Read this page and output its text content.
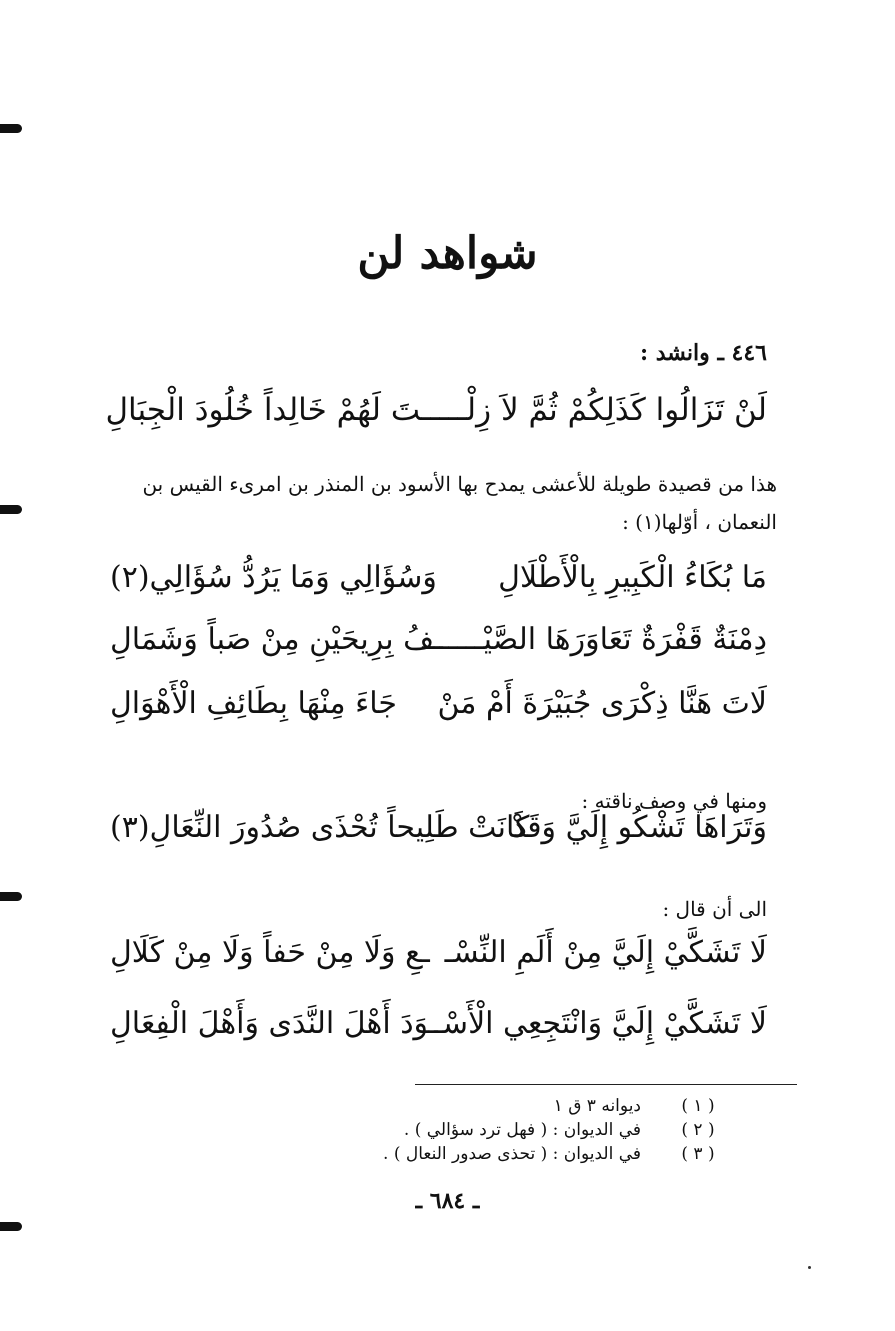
شواهد لن
٤٤٦ ـ وانشد :
لَنْ تَزَالُوا كَذَلِكُمْ ثُمَّ لاَ زِلْـــــتَ لَهُمْ خَالِداً خُلُودَ الْجِبَالِ
هذا من قصيدة طويلة للأعشى يمدح بها الأسود بن المنذر بن امرىء القيس بن النعمان ، أوّلها(١) :
مَا بُكَاءُ الْكَبِيرِ بِالْأَطْلَالِ
وَسُؤَالِي وَمَا يَرُدُّ سُؤَالِي(٢)
دِمْنَةٌ قَفْرَةٌ تَعَاوَرَهَا الصَّيْـــــــ
ـفُ بِرِيحَيْنِ مِنْ صَباً وَشَمَالِ
لَاتَ هَنَّا ذِكْرَى جُبَيْرَةَ أَمْ مَنْ
جَاءَ مِنْهَا بِطَائِفِ الْأَهْوَالِ
ومنها في وصف ناقته :
وَتَرَاهَا تَشْكُو إِلَيَّ وَقَدْ
كَانَتْ طَلِيحاً تُحْذَى صُدُورَ النِّعَالِ(٣)
الى أن قال :
لَا تَشَكَّيْ إِلَيَّ مِنْ أَلَمِ النِّسْـ
ـعِ وَلَا مِنْ حَفاً وَلَا مِنْ كَلَالِ
لَا تَشَكَّيْ إِلَيَّ وَانْتَجِعِي الْأَسْـ
ـوَدَ أَهْلَ النَّدَى وَأَهْلَ الْفِعَالِ
( ١ )
ديوانه ٣ ق ١
( ٢ )
في الديوان : ( فهل ترد سؤالي ) .
( ٣ )
في الديوان : ( تحذى صدور النعال ) .
ـ ٦٨٤ ـ
